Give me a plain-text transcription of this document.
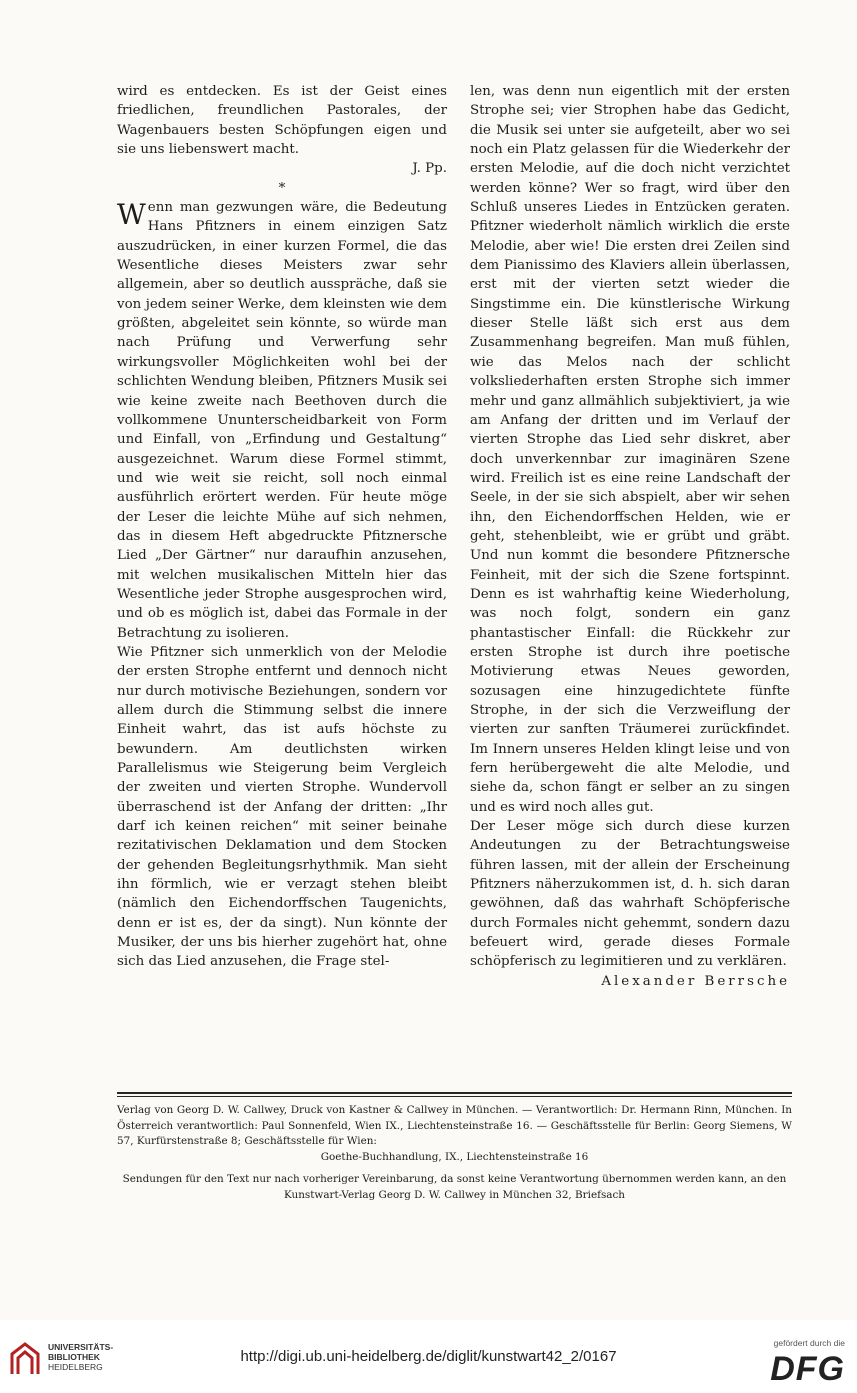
wird es entdecken. Es ist der Geist eines friedlichen, freundlichen Pastorales, der Wagenbauers besten Schöpfungen eigen und sie uns liebenswert macht.

J. Pp.

*

Wenn man gezwungen wäre, die Bedeutung Hans Pfitzners in einem einzigen Satz auszudrücken, in einer kurzen Formel, die das Wesentliche dieses Meisters zwar sehr allgemein, aber so deutlich ausspräche, daß sie von jedem seiner Werke, dem kleinsten wie dem größten, abgeleitet sein könnte, so würde man nach Prüfung und Verwerfung sehr wirkungsvoller Möglichkeiten wohl bei der schlichten Wendung bleiben, Pfitzners Musik sei wie keine zweite nach Beethoven durch die vollkommene Ununterscheidbarkeit von Form und Einfall, von „Erfindung und Gestaltung“ ausgezeichnet. Warum diese Formel stimmt, und wie weit sie reicht, soll noch einmal ausführlich erörtert werden. Für heute möge der Leser die leichte Mühe auf sich nehmen, das in diesem Heft abgedruckte Pfitznersche Lied „Der Gärtner“ nur daraufhin anzusehen, mit welchen musikalischen Mitteln hier das Wesentliche jeder Strophe ausgesprochen wird, und ob es möglich ist, dabei das Formale in der Betrachtung zu isolieren.

Wie Pfitzner sich unmerklich von der Melodie der ersten Strophe entfernt und dennoch nicht nur durch motivische Beziehungen, sondern vor allem durch die Stimmung selbst die innere Einheit wahrt, das ist aufs höchste zu bewundern. Am deutlichsten wirken Parallelismus wie Steigerung beim Vergleich der zweiten und vierten Strophe. Wundervoll überraschend ist der Anfang der dritten: „Ihr darf ich keinen reichen“ mit seiner beinahe rezitativischen Deklamation und dem Stocken der gehenden Begleitungsrhythmik. Man sieht ihn förmlich, wie er verzagt stehen bleibt (nämlich den Eichendorffschen Taugenichts, denn er ist es, der da singt). Nun könnte der Musiker, der uns bis hierher zugehört hat, ohne sich das Lied anzusehen, die Frage stel-

len, was denn nun eigentlich mit der ersten Strophe sei; vier Strophen habe das Gedicht, die Musik sei unter sie aufgeteilt, aber wo sei noch ein Platz gelassen für die Wiederkehr der ersten Melodie, auf die doch nicht verzichtet werden könne? Wer so fragt, wird über den Schluß unseres Liedes in Entzücken geraten. Pfitzner wiederholt nämlich wirklich die erste Melodie, aber wie! Die ersten drei Zeilen sind dem Pianissimo des Klaviers allein überlassen, erst mit der vierten setzt wieder die Singstimme ein. Die künstlerische Wirkung dieser Stelle läßt sich erst aus dem Zusammenhang begreifen. Man muß fühlen, wie das Melos nach der schlicht volksliederhaften ersten Strophe sich immer mehr und ganz allmählich subjektiviert, ja wie am Anfang der dritten und im Verlauf der vierten Strophe das Lied sehr diskret, aber doch unverkennbar zur imaginären Szene wird. Freilich ist es eine reine Landschaft der Seele, in der sie sich abspielt, aber wir sehen ihn, den Eichendorffschen Helden, wie er geht, stehenbleibt, wie er grübt und gräbt. Und nun kommt die besondere Pfitznersche Feinheit, mit der sich die Szene fortspinnt. Denn es ist wahrhaftig keine Wiederholung, was noch folgt, sondern ein ganz phantastischer Einfall: die Rückkehr zur ersten Strophe ist durch ihre poetische Motivierung etwas Neues geworden, sozusagen eine hinzugedichtete fünfte Strophe, in der sich die Verzweiflung der vierten zur sanften Träumerei zurückfindet. Im Innern unseres Helden klingt leise und von fern herübergeweht die alte Melodie, und siehe da, schon fängt er selber an zu singen und es wird noch alles gut.

Der Leser möge sich durch diese kurzen Andeutungen zu der Betrachtungsweise führen lassen, mit der allein der Erscheinung Pfitzners näherzukommen ist, d. h. sich daran gewöhnen, daß das wahrhaft Schöpferische durch Formales nicht gehemmt, sondern dazu befeuert wird, gerade dieses Formale schöpferisch zu legimitieren und zu verklären.

Alexander Berrsche

Verlag von Georg D. W. Callwey, Druck von Kastner & Callwey in München. — Verantwortlich: Dr. Hermann Rinn, München. In Österreich verantwortlich: Paul Sonnenfeld, Wien IX., Liechtensteinstraße 16. — Geschäftsstelle für Berlin: Georg Siemens, W 57, Kurfürstenstraße 8; Geschäftsstelle für Wien:

Goethe-Buchhandlung, IX., Liechtensteinstraße 16

Sendungen für den Text nur nach vorheriger Vereinbarung, da sonst keine Verantwortung übernommen werden kann, an den Kunstwart-Verlag Georg D. W. Callwey in München 32, Briefsach

UNIVERSITÄTS-
BIBLIOTHEK
HEIDELBERG
http://digi.ub.uni-heidelberg.de/diglit/kunstwart42_2/0167
gefördert durch die
DFG
